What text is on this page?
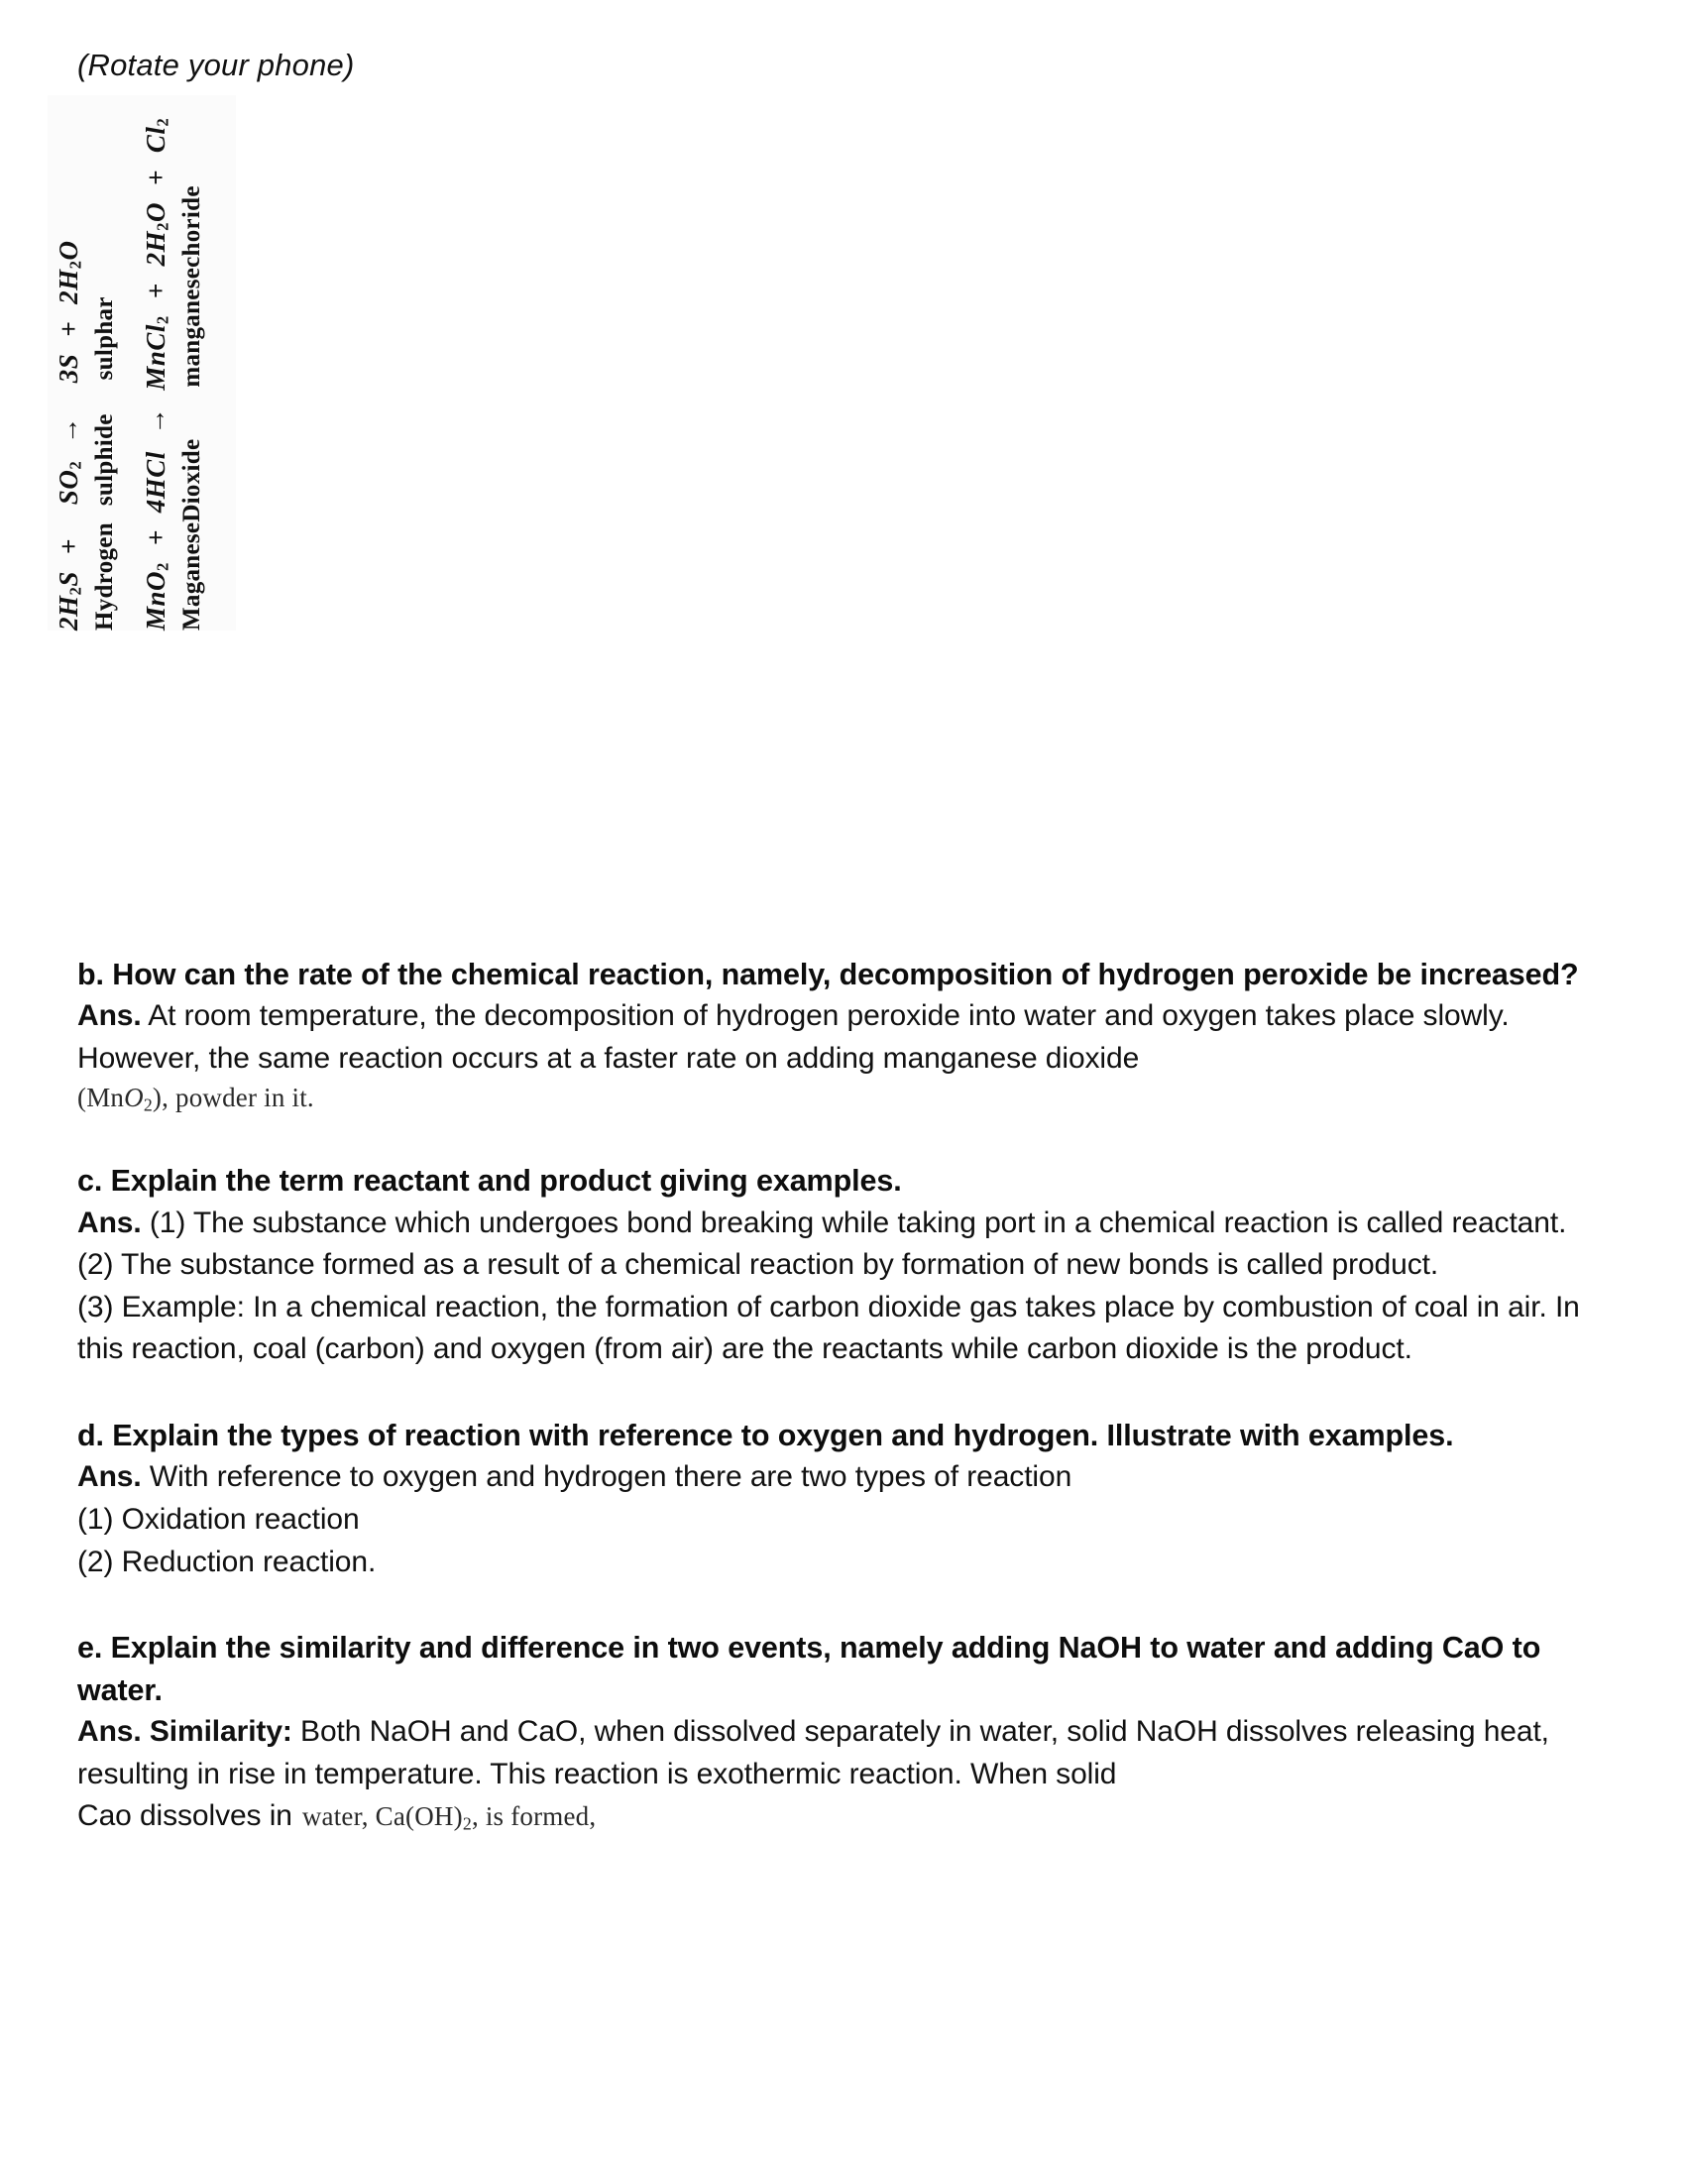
(Rotate your phone)
$2H_2S+SO_2\to 3S+2H_2O$
Hydrogensulphidesulphar
$MnO_2+4HCl\to MnCl_2+2H_2O+Cl_2$
MaganeseDioxidemanganesechoride

b. How can the rate of the chemical reaction, namely, decomposition of hydrogen peroxide be increased?

Ans. At room temperature, the decomposition of hydrogen peroxide into water and oxygen takes place slowly. However, the same reaction occurs at a faster rate on adding manganese dioxide

(MnO$_2$), powder in it.

c. Explain the term reactant and product giving examples.

Ans. (1) The substance which undergoes bond breaking while taking port in a chemical reaction is called reactant.

(2) The substance formed as a result of a chemical reaction by formation of new bonds is called product.

(3) Example: In a chemical reaction, the formation of carbon dioxide gas takes place by combustion of coal in air. In this reaction, coal (carbon) and oxygen (from air) are the reactants while carbon dioxide is the product.

d. Explain the types of reaction with reference to oxygen and hydrogen. Illustrate with examples.

Ans. With reference to oxygen and hydrogen there are two types of reaction

(1) Oxidation reaction

(2) Reduction reaction.

e. Explain the similarity and difference in two events, namely adding NaOH to water and adding CaO to water.

Ans. Similarity: Both NaOH and CaO, when dissolved separately in water, solid NaOH dissolves releasing heat, resulting in rise in temperature. This reaction is exothermic reaction. When solid

Cao dissolves in water, $Ca(OH)_2$, is formed,
